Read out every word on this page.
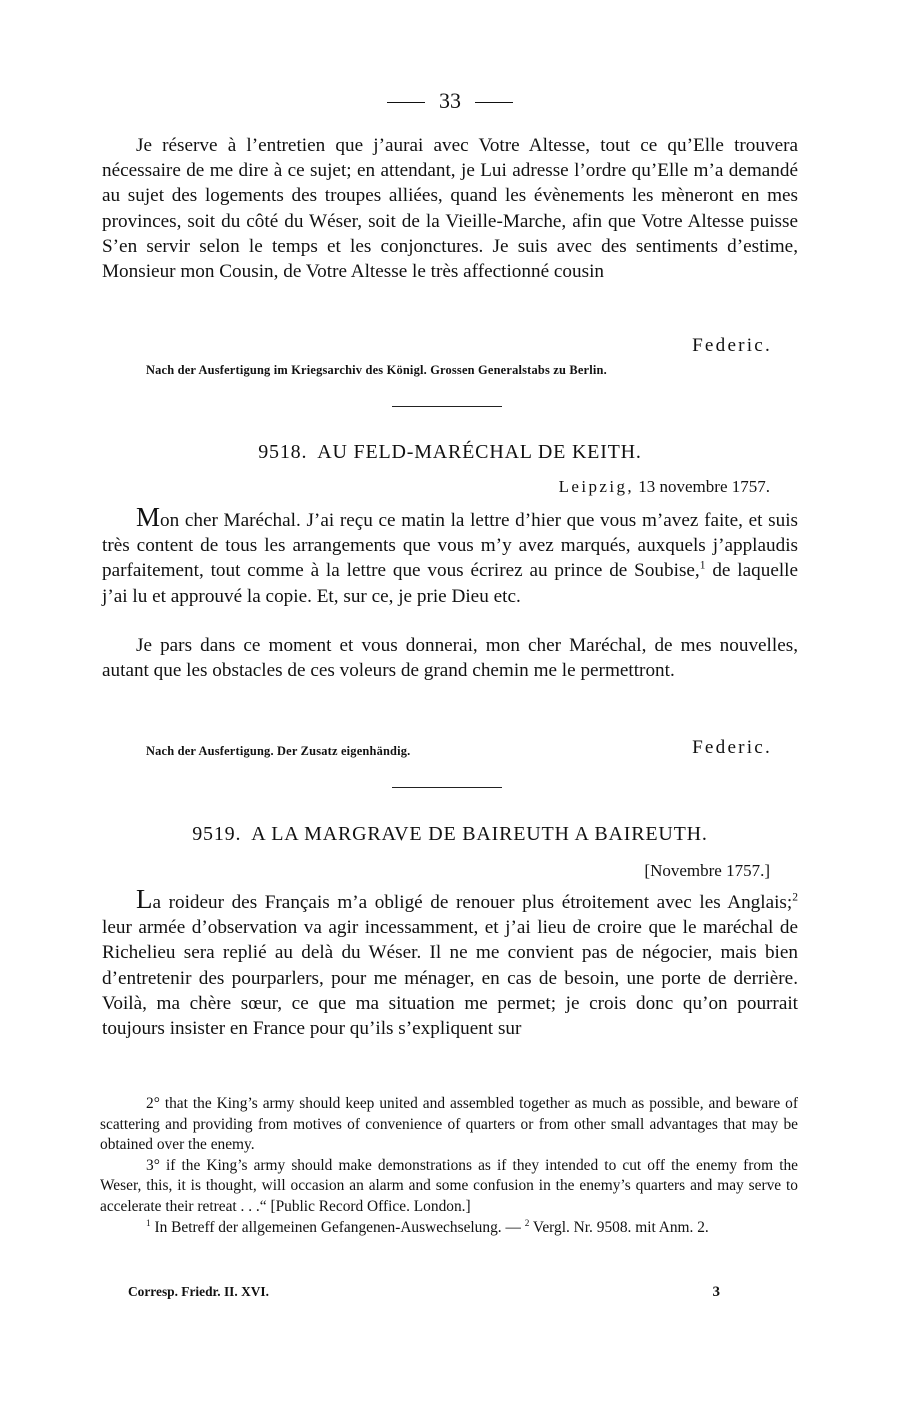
33

Je réserve à l’entretien que j’aurai avec Votre Altesse, tout ce qu’Elle trouvera nécessaire de me dire à ce sujet; en attendant, je Lui adresse l’ordre qu’Elle m’a demandé au sujet des logements des troupes alliées, quand les évènements les mèneront en mes provinces, soit du côté du Wéser, soit de la Vieille-Marche, afin que Votre Altesse puisse S’en servir selon le temps et les conjonctures. Je suis avec des sentiments d’estime, Monsieur mon Cousin, de Votre Altesse le très affectionné cousin

Federic.
Nach der Ausfertigung im Kriegsarchiv des Königl. Grossen Generalstabs zu Berlin.
9518. AU FELD-MARÉCHAL DE KEITH.
Leipzig, 13 novembre 1757.

Mon cher Maréchal. J’ai reçu ce matin la lettre d’hier que vous m’avez faite, et suis très content de tous les arrangements que vous m’y avez marqués, auxquels j’applaudis parfaitement, tout comme à la lettre que vous écrirez au prince de Soubise,$^1$ de laquelle j’ai lu et approuvé la copie. Et, sur ce, je prie Dieu etc.

Je pars dans ce moment et vous donnerai, mon cher Maréchal, de mes nouvelles, autant que les obstacles de ces voleurs de grand chemin me le permettront.

Nach der Ausfertigung. Der Zusatz eigenhändig.	Federic.
9519. A LA MARGRAVE DE BAIREUTH A BAIREUTH.
[Novembre 1757.]

La roideur des Français m’a obligé de renouer plus étroitement avec les Anglais;$^2$ leur armée d’observation va agir incessamment, et j’ai lieu de croire que le maréchal de Richelieu sera replié au delà du Wéser. Il ne me convient pas de négocier, mais bien d’entretenir des pourparlers, pour me ménager, en cas de besoin, une porte de derrière. Voilà, ma chère sœur, ce que ma situation me permet; je crois donc qu’on pourrait toujours insister en France pour qu’ils s’expliquent sur

2° that the King’s army should keep united and assembled together as much as possible, and beware of scattering and providing from motives of convenience of quarters or from other small advantages that may be obtained over the enemy.

3° if the King’s army should make demonstrations as if they intended to cut off the enemy from the Weser, this, it is thought, will occasion an alarm and some confusion in the enemy’s quarters and may serve to accelerate their retreat . . .“ [Public Record Office. London.]

$^1$ In Betreff der allgemeinen Gefangenen-Auswechselung. — $^2$ Vergl. Nr. 9508. mit Anm. 2.

Corresp. Friedr. II. XVI.	3
